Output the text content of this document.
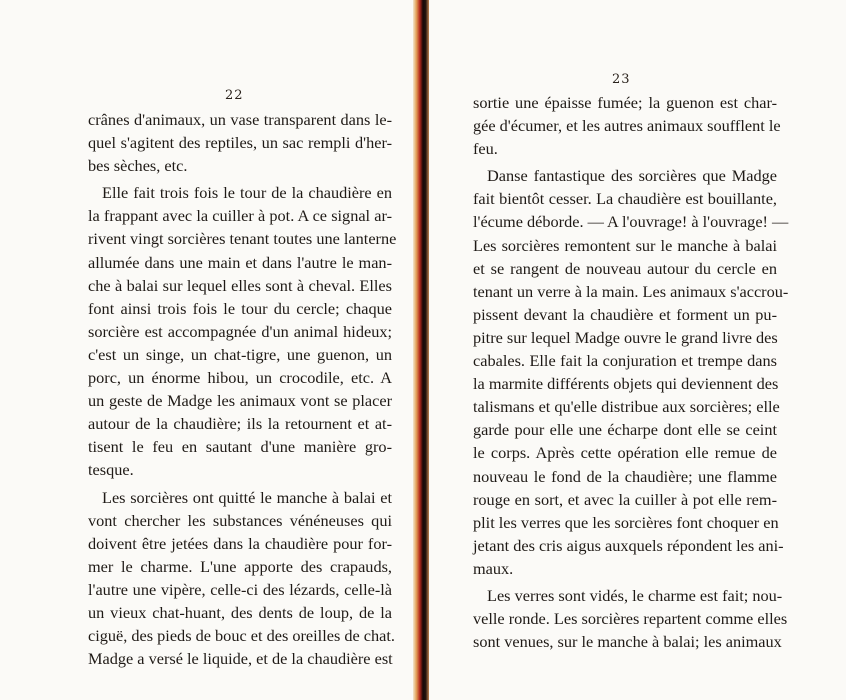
22
crânes d'animaux, un vase transparent dans le-
quel s'agitent des reptiles, un sac rempli d'her-
bes sèches, etc.
Elle fait trois fois le tour de la chaudière en
la frappant avec la cuiller à pot. A ce signal ar-
rivent vingt sorcières tenant toutes une lanterne
allumée dans une main et dans l'autre le man-
che à balai sur lequel elles sont à cheval. Elles
font ainsi trois fois le tour du cercle; chaque
sorcière est accompagnée d'un animal hideux;
c'est un singe, un chat-tigre, une guenon, un
porc, un énorme hibou, un crocodile, etc. A
un geste de Madge les animaux vont se placer
autour de la chaudière; ils la retournent et at-
tisent le feu en sautant d'une manière gro-
tesque.
Les sorcières ont quitté le manche à balai et
vont chercher les substances vénéneuses qui
doivent être jetées dans la chaudière pour for-
mer le charme. L'une apporte des crapauds,
l'autre une vipère, celle-ci des lézards, celle-là
un vieux chat-huant, des dents de loup, de la
ciguë, des pieds de bouc et des oreilles de chat.
Madge a versé le liquide, et de la chaudière est
23
sortie une épaisse fumée; la guenon est char-
gée d'écumer, et les autres animaux soufflent le
feu.
Danse fantastique des sorcières que Madge
fait bientôt cesser. La chaudière est bouillante,
l'écume déborde. — A l'ouvrage! à l'ouvrage! —
Les sorcières remontent sur le manche à balai
et se rangent de nouveau autour du cercle en
tenant un verre à la main. Les animaux s'accrou-
pissent devant la chaudière et forment un pu-
pitre sur lequel Madge ouvre le grand livre des
cabales. Elle fait la conjuration et trempe dans
la marmite différents objets qui deviennent des
talismans et qu'elle distribue aux sorcières; elle
garde pour elle une écharpe dont elle se ceint
le corps. Après cette opération elle remue de
nouveau le fond de la chaudière; une flamme
rouge en sort, et avec la cuiller à pot elle rem-
plit les verres que les sorcières font choquer en
jetant des cris aigus auxquels répondent les ani-
maux.
Les verres sont vidés, le charme est fait; nou-
velle ronde. Les sorcières repartent comme elles
sont venues, sur le manche à balai; les animaux
